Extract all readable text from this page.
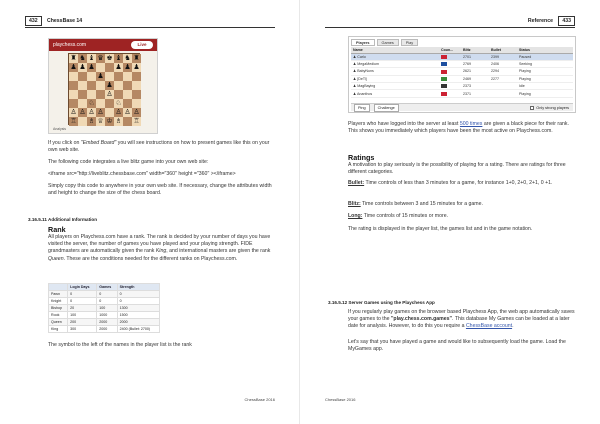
432	ChessBase 14
playchess.com	Live
♜ ♞ ♝ ♛ ♚ ♝ ♞ ♜
♟ ♟ ♟

	♟ ♟ ♟

♟

♟

♙

♘

	♘

♙ ♙ ♙ ♙
♙ ♙ ♙
♖
♗ ♕ ♔ ♗
♖
Analysis
If you click on "Embed Board" you will see instructions on how to present games like this on your own web site.
The following code integrates a live blitz game into your own web site:
<iframe src="http://liveblitz.chessbase.com" width="360" height ="360" ></iframe>
Simply copy this code to anywhere in your own web site. If necessary, change the attributes width and height to change the size of the chess board.
3.16.5.11 Additional Information
Rank
All players on Playchess.com have a rank. The rank is decided by your number of days you have visited the server, the number of games you have played and your playing strength. FIDE grandmasters are automatically given the rank King, and international masters are given the rank Queen. These are the conditions needed for the different ranks on Playchess.com.
	Login Days	Games	Strength
Pawn	0	0	0
Knight	0	0	0
Bishop	20	100	1300
Rook	100	1000	1500
Queen	200	2000	2000
King	300	2000	2400 (Bullet: 2700)
The symbol to the left of the names in the player list is the rank
ChessBase 2016
Reference	433
Players	Games	Play
Name	Coun...	Blitz	Bullet	Status
♟ Carlo		2701	2399	Paused
♟ MegaMedium		2769	2406	Seeking
♟ BabyNuns		2621	2294	Playing
♟ [DeTi]		2469	2277	Playing
♟ MagBaying		2373		Idle
♟ Ananthos		2371		Playing
Ping	Challenge	Only strong players
Players who have logged into the server at least 500 times are given a black piece for their rank. This shows you immediately which players have been the most active on Playchess.com.
Ratings
A motivation to play seriously is the possibility of playing for a rating. There are ratings for three different categories.
Bullet: Time controls of less than 3 minutes for a game, for instance 1+0, 2+0, 2+1, 0 +1.
Blitz: Time controls between 3 and 15 minutes for a game.
Long: Time controls of 15 minutes or more.
The rating is displayed in the player list, the games list and in the game notation.
3.16.5.12 Server Games using the Playchess App
If you regularly play games on the browser based Playchess App, the web app automatically saves your games to the "play.chess.com.games". This database My Games can be loaded at a later date for analysis. However, to do this you require a ChessBase account.
Let's say that you have played a game and would like to subsequently load the game. Load the MyGames app.
ChessBase 2016
